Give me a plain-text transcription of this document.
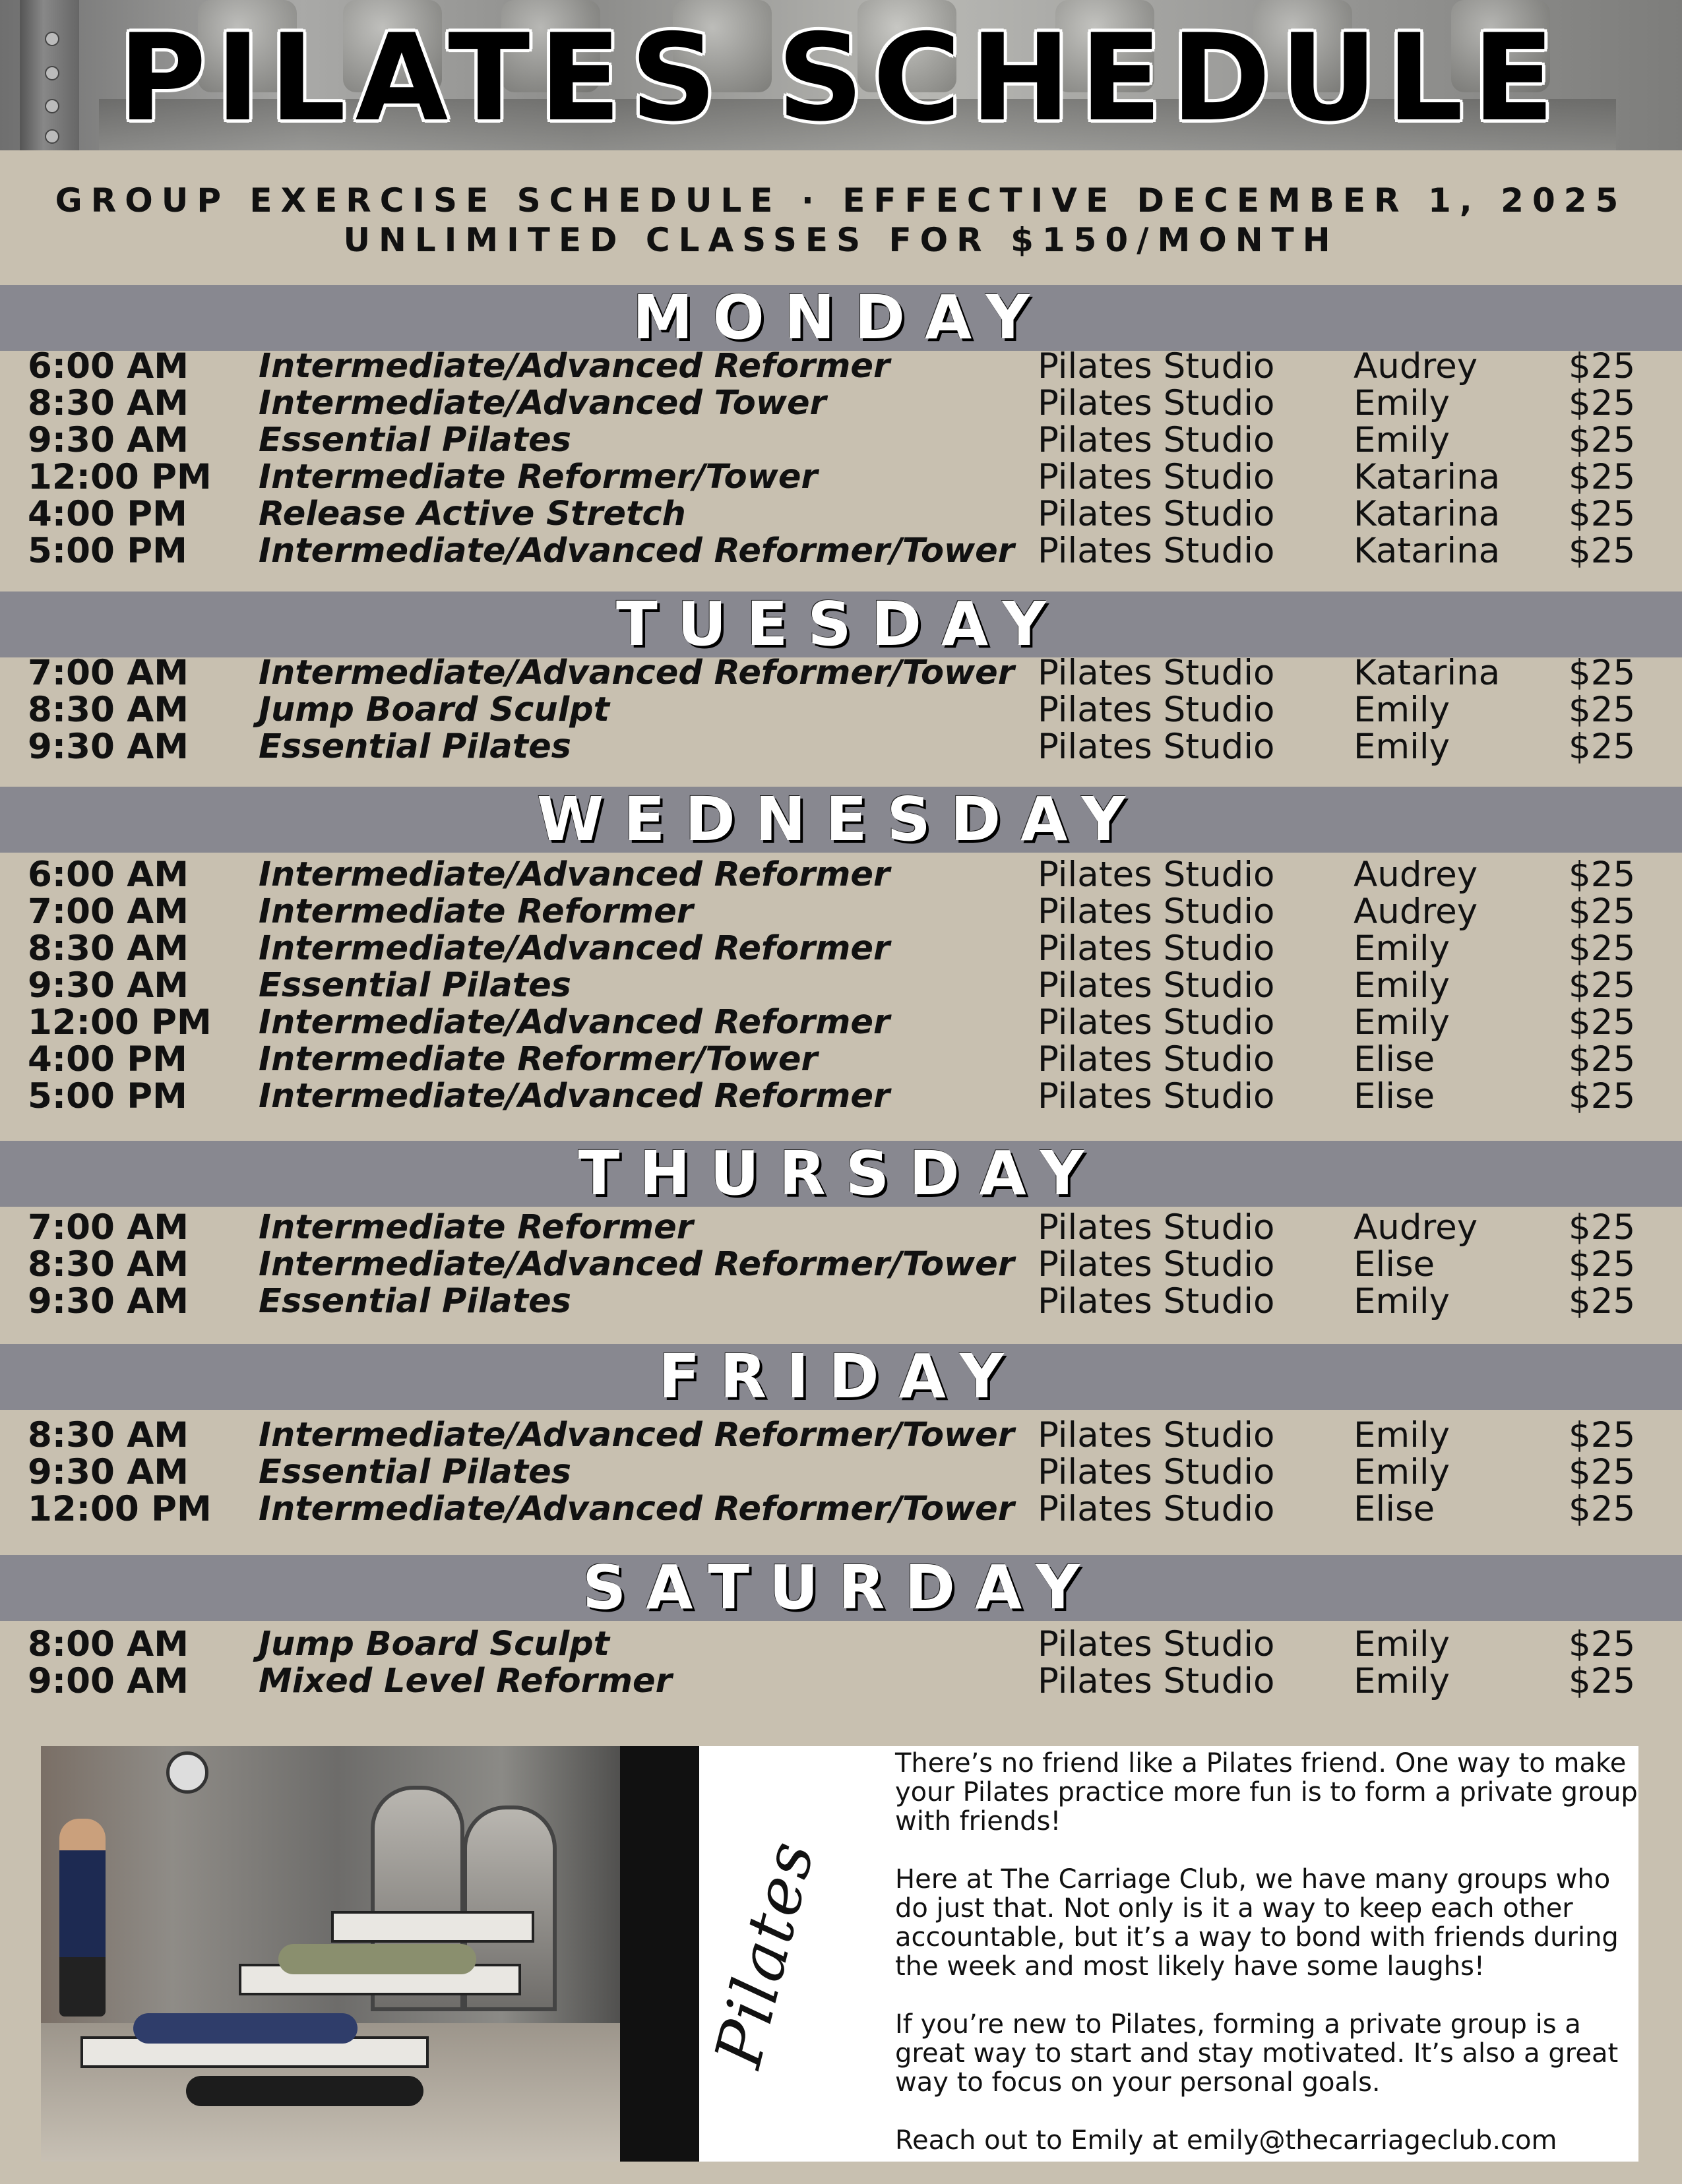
PILATES SCHEDULE
GROUP EXERCISE SCHEDULE · EFFECTIVE DECEMBER 1, 2025
UNLIMITED CLASSES FOR $150/MONTH
MONDAY
6:00 AM Intermediate/Advanced Reformer	Pilates Studio Audrey	$25
8:30 AM Intermediate/Advanced Tower	Pilates Studio Emily	$25
9:30 AM Essential Pilates	Pilates Studio Emily	$25
12:00 PM Intermediate Reformer/Tower	Pilates Studio Katarina $25
4:00 PM Release Active Stretch	Pilates Studio Katarina $25
5:00 PM Intermediate/Advanced Reformer/Tower Pilates Studio Katarina $25
TUESDAY
7:00 AM Intermediate/Advanced Reformer/Tower Pilates Studio Katarina $25
8:30 AM Jump Board Sculpt	Pilates Studio Emily	$25
9:30 AM Essential Pilates	Pilates Studio Emily	$25
WEDNESDAY
6:00 AM Intermediate/Advanced Reformer	Pilates Studio Audrey	$25
7:00 AM Intermediate Reformer	Pilates Studio Audrey	$25
8:30 AM Intermediate/Advanced Reformer	Pilates Studio Emily	$25
9:30 AM Essential Pilates	Pilates Studio Emily	$25
12:00 PM Intermediate/Advanced Reformer	Pilates Studio Emily	$25
4:00 PM Intermediate Reformer/Tower	Pilates Studio Elise	$25
5:00 PM Intermediate/Advanced Reformer	Pilates Studio Elise	$25
THURSDAY
7:00 AM Intermediate Reformer	Pilates Studio Audrey	$25
8:30 AM Intermediate/Advanced Reformer/Tower Pilates Studio Elise	$25
9:30 AM Essential Pilates	Pilates Studio Emily	$25
FRIDAY
8:30 AM Intermediate/Advanced Reformer/Tower Pilates Studio Emily	$25
9:30 AM Essential Pilates	Pilates Studio Emily	$25
12:00 PM Intermediate/Advanced Reformer/Tower Pilates Studio Elise	$25
SATURDAY
8:00 AM Jump Board Sculpt	Pilates Studio Emily	$25
9:00 AM Mixed Level Reformer	Pilates Studio Emily	$25
Pilates

There’s no friend like a Pilates friend. One way to make your Pilates practice more fun is to form a private group with friends!

Here at The Carriage Club, we have many groups who do just that. Not only is it a way to keep each other accountable, but it’s a way to bond with friends during the week and most likely have some laughs!

If you’re new to Pilates, forming a private group is a great way to start and stay motivated. It’s also a great way to focus on your personal goals.

Reach out to Emily at emily@thecarriageclub.com
